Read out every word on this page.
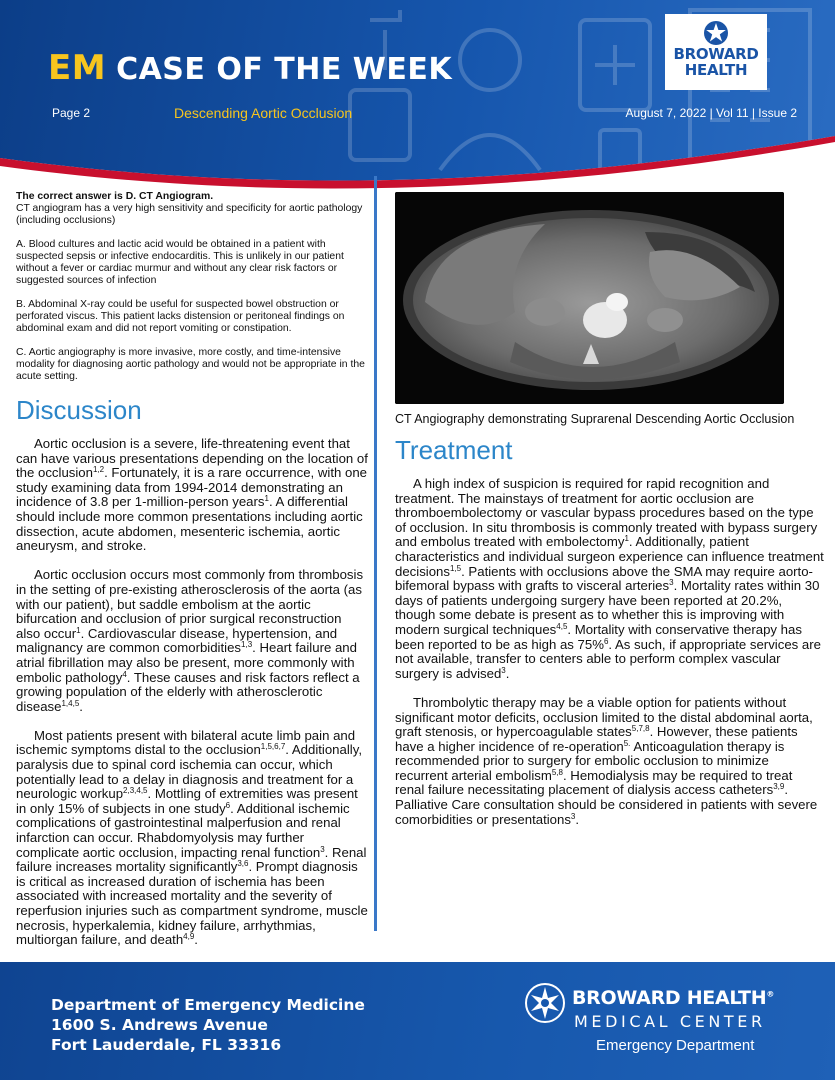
EM CASE OF THE WEEK
Page 2	Descending Aortic Occlusion	August 7, 2022 | Vol 11 | Issue 2
BROWARD
HEALTH
The correct answer is D. CT Angiogram.

CT angiogram has a very high sensitivity and specificity for aortic pathology (including occlusions)

A. Blood cultures and lactic acid would be obtained in a patient with suspected sepsis or infective endocarditis. This is unlikely in our patient without a fever or cardiac murmur and without any clear risk factors or suggested sources of infection

B. Abdominal X-ray could be useful for suspected bowel obstruction or perforated viscus. This patient lacks distension or peritoneal findings on abdominal exam and did not report vomiting or constipation.

C. Aortic angiography is more invasive, more costly, and time-intensive modality for diagnosing aortic pathology and would not be appropriate in the acute setting.

Discussion

Aortic occlusion is a severe, life-threatening event that can have various presentations depending on the location of the occlusion$^{1,2}$. Fortunately, it is a rare occurrence, with one study examining data from 1994-2014 demonstrating an incidence of 3.8 per 1-million-person years$^1$. A differential should include more common presentations including aortic dissection, acute abdomen, mesenteric ischemia, aortic aneurysm, and stroke.

Aortic occlusion occurs most commonly from thrombosis in the setting of pre-existing atherosclerosis of the aorta (as with our patient), but saddle embolism at the aortic bifurcation and occlusion of prior surgical reconstruction also occur$^1$. Cardiovascular disease, hypertension, and malignancy are common comorbidities$^{1,3}$. Heart failure and atrial fibrillation may also be present, more commonly with embolic pathology$^4$. These causes and risk factors reflect a growing population of the elderly with atherosclerotic disease$^{1,4,5}$.

Most patients present with bilateral acute limb pain and ischemic symptoms distal to the occlusion$^{1,5,6,7}$. Additionally, paralysis due to spinal cord ischemia can occur, which potentially lead to a delay in diagnosis and treatment for a neurologic workup$^{2,3,4,5}$. Mottling of extremities was present in only 15% of subjects in one study$^6$. Additional ischemic complications of gastrointestinal malperfusion and renal infarction can occur. Rhabdomyolysis may further complicate aortic occlusion, impacting renal function$^3$. Renal failure increases mortality significantly$^{3,6}$. Prompt diagnosis is critical as increased duration of ischemia has been associated with increased mortality and the severity of reperfusion injuries such as compartment syndrome, muscle necrosis, hyperkalemia, kidney failure, arrhythmias, multiorgan failure, and death$^{4,9}$.

CT Angiography demonstrating Suprarenal Descending Aortic Occlusion
Treatment

A high index of suspicion is required for rapid recognition and treatment. The mainstays of treatment for aortic occlusion are thromboembolectomy or vascular bypass procedures based on the type of occlusion. In situ thrombosis is commonly treated with bypass surgery and embolus treated with embolectomy$^1$. Additionally, patient characteristics and individual surgeon experience can influence treatment decisions$^{1,5}$. Patients with occlusions above the SMA may require aorto-bifemoral bypass with grafts to visceral arteries$^3$. Mortality rates within 30 days of patients undergoing surgery have been reported at 20.2%, though some debate is present as to whether this is improving with modern surgical techniques$^{4,5}$. Mortality with conservative therapy has been reported to be as high as 75%$^6$. As such, if appropriate services are not available, transfer to centers able to perform complex vascular surgery is advised$^3$.

Thrombolytic therapy may be a viable option for patients without significant motor deficits, occlusion limited to the distal abdominal aorta, graft stenosis, or hypercoagulable states$^{5,7,8}$. However, these patients have a higher incidence of re-operation$^{5.}$ Anticoagulation therapy is recommended prior to surgery for embolic occlusion to minimize recurrent arterial embolism$^{5,8}$. Hemodialysis may be required to treat renal failure necessitating placement of dialysis access catheters$^{3,9}$. Palliative Care consultation should be considered in patients with severe comorbidities or presentations$^3$.

Department of Emergency Medicine
1600 S. Andrews Avenue
Fort Lauderdale, FL 33316
BROWARD HEALTH®
MEDICAL CENTER
Emergency Department
